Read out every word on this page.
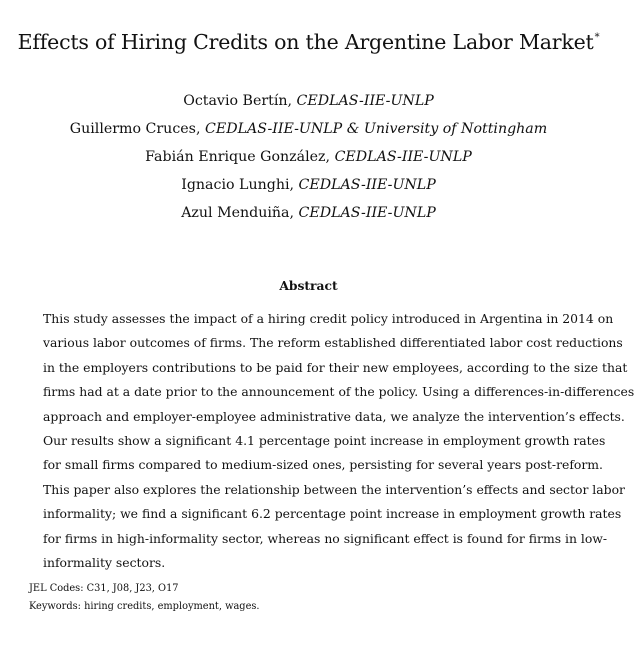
Effects of Hiring Credits on the Argentine Labor Market*
Octavio Bertín, CEDLAS-IIE-UNLP
Guillermo Cruces, CEDLAS-IIE-UNLP & University of Nottingham
Fabián Enrique González, CEDLAS-IIE-UNLP
Ignacio Lunghi, CEDLAS-IIE-UNLP
Azul Menduiña, CEDLAS-IIE-UNLP
Abstract
This study assesses the impact of a hiring credit policy introduced in Argentina in 2014 on
various labor outcomes of firms. The reform established differentiated labor cost reductions
in the employers contributions to be paid for their new employees, according to the size that
firms had at a date prior to the announcement of the policy. Using a differences-in-differences
approach and employer-employee administrative data, we analyze the intervention’s effects.
Our results show a significant 4.1 percentage point increase in employment growth rates
for small firms compared to medium-sized ones, persisting for several years post-reform.
This paper also explores the relationship between the intervention’s effects and sector labor
informality; we find a significant 6.2 percentage point increase in employment growth rates
for firms in high-informality sector, whereas no significant effect is found for firms in low-
informality sectors.
JEL Codes: C31, J08, J23, O17
Keywords: hiring credits, employment, wages.
